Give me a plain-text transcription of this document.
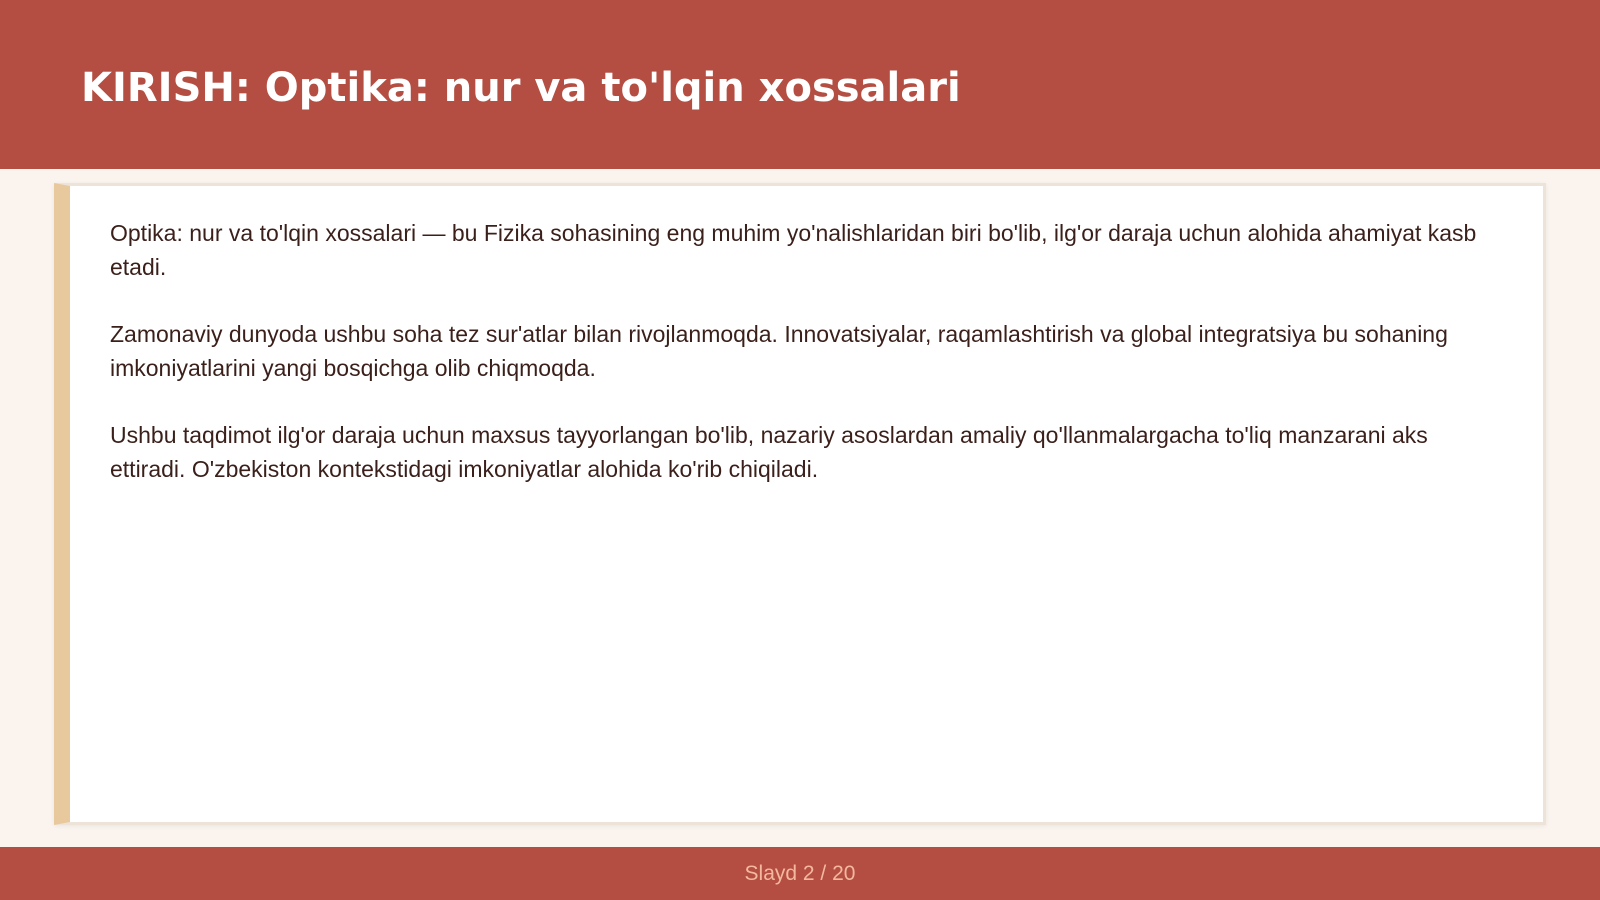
KIRISH: Optika: nur va to'lqin xossalari

Optika: nur va to'lqin xossalari — bu Fizika sohasining eng muhim yo'nalishlaridan biri bo'lib, ilg'or daraja uchun alohida ahamiyat kasb etadi.

Zamonaviy dunyoda ushbu soha tez sur'atlar bilan rivojlanmoqda. Innovatsiyalar, raqamlashtirish va global integratsiya bu sohaning imkoniyatlarini yangi bosqichga olib chiqmoqda.

Ushbu taqdimot ilg'or daraja uchun maxsus tayyorlangan bo'lib, nazariy asoslardan amaliy qo'llanmalargacha to'liq manzarani aks ettiradi. O'zbekiston kontekstidagi imkoniyatlar alohida ko'rib chiqiladi.

Slayd 2 / 20
